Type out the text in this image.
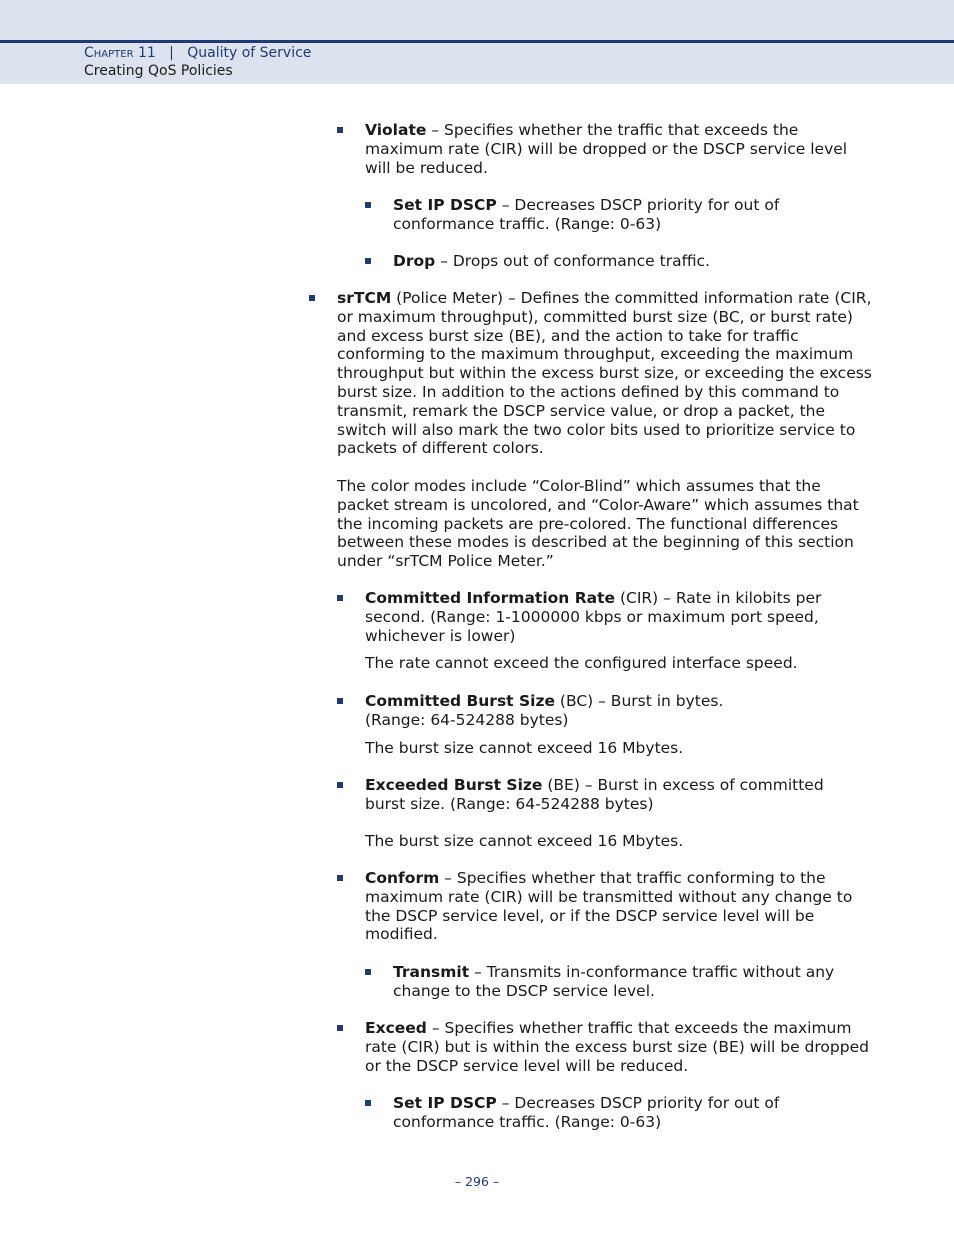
Chapter 11 | Quality of Service
Creating QoS Policies

Violate – Specifies whether the traffic that exceeds the maximum rate (CIR) will be dropped or the DSCP service level will be reduced.

Set IP DSCP – Decreases DSCP priority for out of conformance traffic. (Range: 0-63)

Drop – Drops out of conformance traffic.

srTCM (Police Meter) – Defines the committed information rate (CIR, or maximum throughput), committed burst size (BC, or burst rate) and excess burst size (BE), and the action to take for traffic conforming to the maximum throughput, exceeding the maximum throughput but within the excess burst size, or exceeding the excess burst size. In addition to the actions defined by this command to transmit, remark the DSCP service value, or drop a packet, the switch will also mark the two color bits used to prioritize service to packets of different colors.

The color modes include “Color-Blind” which assumes that the packet stream is uncolored, and “Color-Aware” which assumes that the incoming packets are pre-colored. The functional differences between these modes is described at the beginning of this section under “srTCM Police Meter.”

Committed Information Rate (CIR) – Rate in kilobits per second. (Range: 1-1000000 kbps or maximum port speed, whichever is lower)

The rate cannot exceed the configured interface speed.

Committed Burst Size (BC) – Burst in bytes.

(Range: 64-524288 bytes)

The burst size cannot exceed 16 Mbytes.

Exceeded Burst Size (BE) – Burst in excess of committed burst size. (Range: 64-524288 bytes)

The burst size cannot exceed 16 Mbytes.

Conform – Specifies whether that traffic conforming to the maximum rate (CIR) will be transmitted without any change to the DSCP service level, or if the DSCP service level will be modified.

Transmit – Transmits in-conformance traffic without any change to the DSCP service level.

Exceed – Specifies whether traffic that exceeds the maximum rate (CIR) but is within the excess burst size (BE) will be dropped or the DSCP service level will be reduced.

Set IP DSCP – Decreases DSCP priority for out of conformance traffic. (Range: 0-63)

– 296 –
